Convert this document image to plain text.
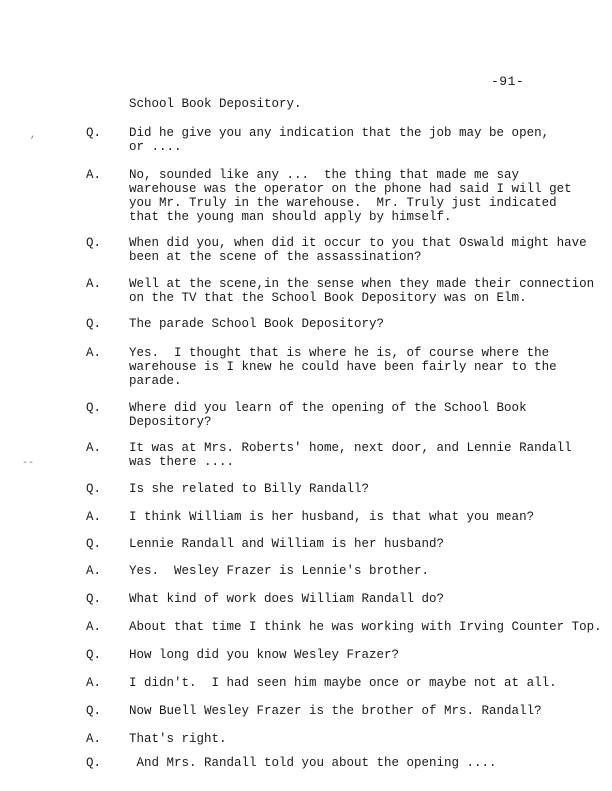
-91-
School Book Depository.
Q. Did he give you any indication that the job may be open,
or ....
A. No, sounded like any ...  the thing that made me say
warehouse was the operator on the phone had said I will get
you Mr. Truly in the warehouse.  Mr. Truly just indicated
that the young man should apply by himself.
Q. When did you, when did it occur to you that Oswald might have
been at the scene of the assassination?
A. Well at the scene,in the sense when they made their connection
on the TV that the School Book Depository was on Elm.
Q. The parade School Book Depository?
A. Yes.  I thought that is where he is, of course where the
warehouse is I knew he could have been fairly near to the
parade.
Q. Where did you learn of the opening of the School Book
Depository?
A. It was at Mrs. Roberts' home, next door, and Lennie Randall
was there ....
Q. Is she related to Billy Randall?
A. I think William is her husband, is that what you mean?
Q. Lennie Randall and William is her husband?
A. Yes.  Wesley Frazer is Lennie's brother.
Q. What kind of work does William Randall do?
A. About that time I think he was working with Irving Counter Top.
Q. How long did you know Wesley Frazer?
A. I didn't.  I had seen him maybe once or maybe not at all.
Q. Now Buell Wesley Frazer is the brother of Mrs. Randall?
A. That's right.
Q. And Mrs. Randall told you about the opening ....
,
--
